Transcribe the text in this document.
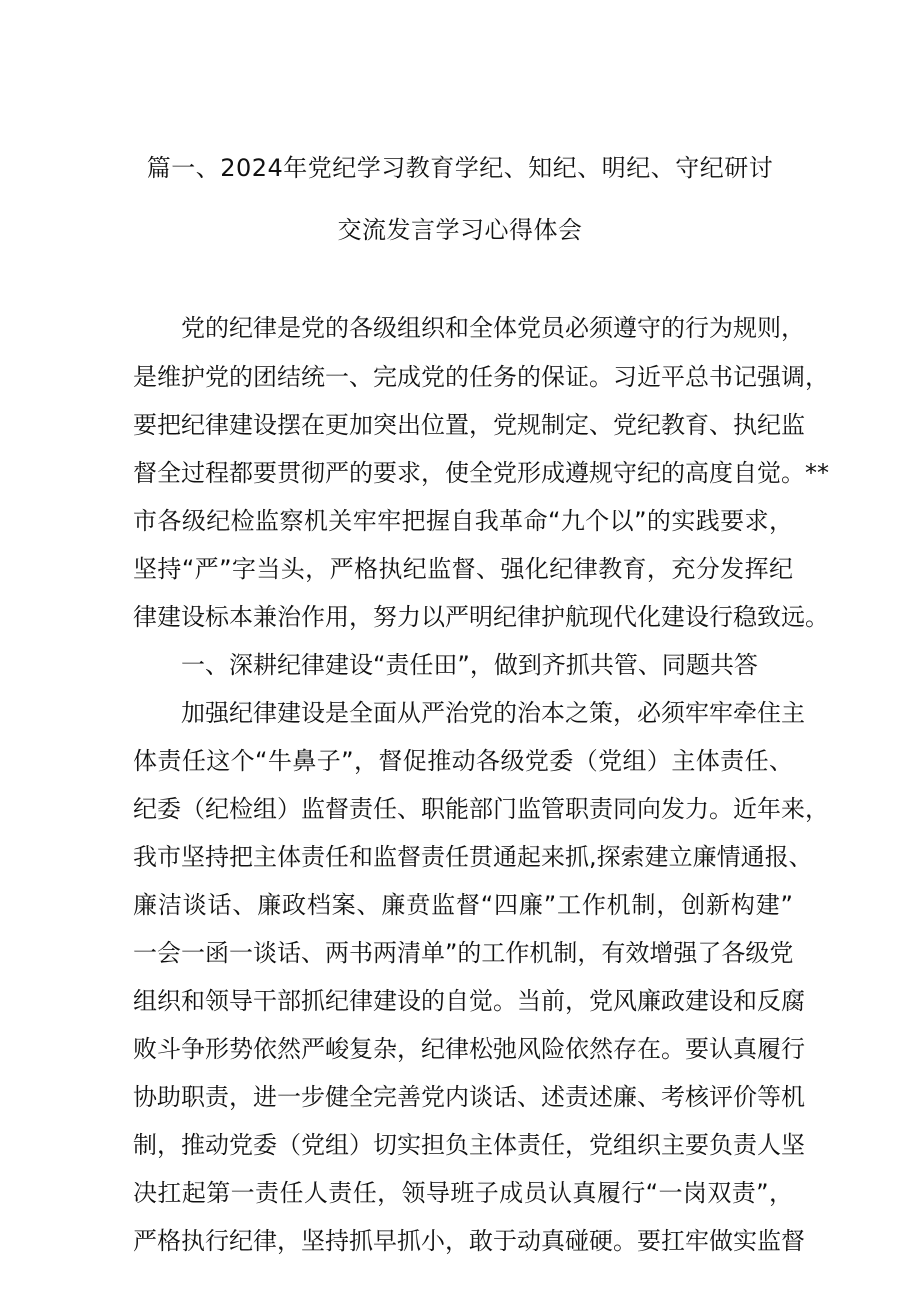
篇一、2024年党纪学习教育学纪、知纪、明纪、守纪研讨
交流发言学习心得体会
党的纪律是党的各级组织和全体党员必须遵守的行为规则，
是维护党的团结统一、完成党的任务的保证。习近平总书记强调，
要把纪律建设摆在更加突出位置，党规制定、党纪教育、执纪监
督全过程都要贯彻严的要求，使全党形成遵规守纪的高度自觉。**
市各级纪检监察机关牢牢把握自我革命“九个以”的实践要求，
坚持“严”字当头，严格执纪监督、强化纪律教育，充分发挥纪
律建设标本兼治作用，努力以严明纪律护航现代化建设行稳致远。
一、深耕纪律建设“责任田”，做到齐抓共管、同题共答
加强纪律建设是全面从严治党的治本之策，必须牢牢牵住主
体责任这个“牛鼻子”，督促推动各级党委（党组）主体责任、
纪委（纪检组）监督责任、职能部门监管职责同向发力。近年来，
我市坚持把主体责任和监督责任贯通起来抓,探索建立廉情通报、
廉洁谈话、廉政档案、廉贲监督“四廉”工作机制，创新构建”
一会一函一谈话、两书两清单”的工作机制，有效增强了各级党
组织和领导干部抓纪律建设的自觉。当前，党风廉政建设和反腐
败斗争形势依然严峻复杂，纪律松弛风险依然存在。要认真履行
协助职责，进一步健全完善党内谈话、述责述廉、考核评价等机
制，推动党委（党组）切实担负主体责任，党组织主要负责人坚
决扛起第一责任人责任，领导班子成员认真履行“一岗双责”，
严格执行纪律，坚持抓早抓小，敢于动真碰硬。要扛牢做实监督
